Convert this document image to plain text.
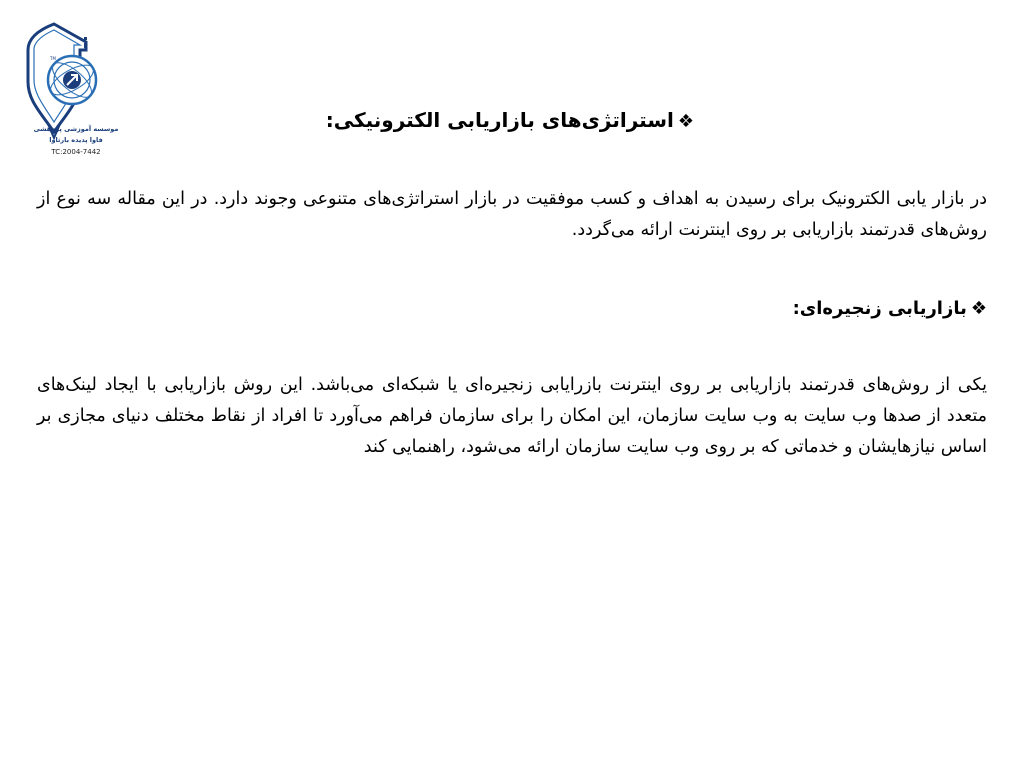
TM
موسسه آموزشی پژوهشی
فاوا پدیده بارثاوا
TC:2004-7442
❖استراتژی‌های بازاریابی الکترونیکی:
در بازار یابی الکترونیک برای رسیدن به اهداف و کسب موفقیت در بازار استراتژی‌های متنوعی وجوند دارد. در این مقاله سه نوع از روش‌های قدرتمند بازاریابی بر روی اینترنت ارائه می‌گردد.
❖بازاریابی زنجیره‌ای:
یکی از روش‌های قدرتمند بازاریابی بر روی اینترنت بازرایابی زنجیره‌ای یا شبکه‌ای می‌باشد. این روش بازاریابی با ایجاد لینک‌های متعدد از صدها وب سایت به وب سایت سازمان، این امکان را برای سازمان فراهم می‌آورد تا افراد از نقاط مختلف دنیای مجازی بر اساس نیازهایشان و خدماتی که بر روی وب سایت سازمان ارائه می‌شود، راهنمایی کند
